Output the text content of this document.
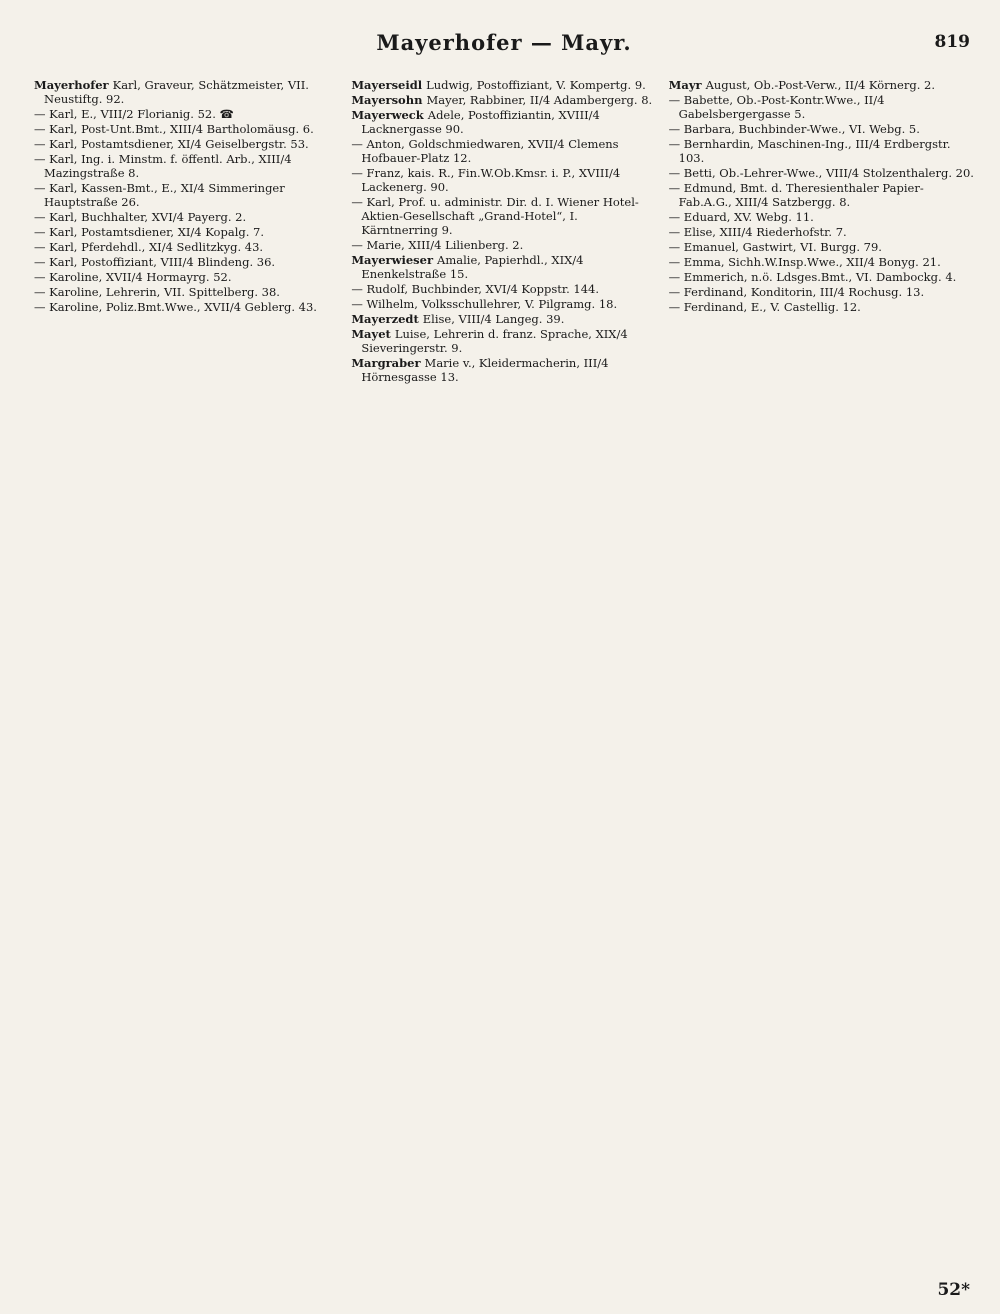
Mayerhofer — Mayr.	819
Mayerhofer Karl, Graveur, Schätzmeister, VII. Neustiftg. 92.
— Karl, E., VIII/2 Florianig. 52. ☎
— Karl, Post-Unt.Bmt., XIII/4 Bartholomäusg. 6.
— Karl, Postamtsdiener, XI/4 Geiselbergstr. 53.
— Karl, Ing. i. Minstm. f. öffentl. Arb., XIII/4 Mazingstraße 8.
— Karl, Kassen-Bmt., E., XI/4 Simmeringer Hauptstraße 26.
— Karl, Buchhalter, XVI/4 Payerg. 2.
— Karl, Postamtsdiener, XI/4 Kopalg. 7.
— Karl, Pferdehdl., XI/4 Sedlitzkyg. 43.
— Karl, Postoffiziant, VIII/4 Blindeng. 36.
— Karoline, XVII/4 Hormayrg. 52.
— Karoline, Lehrerin, VII. Spittelberg. 38.
— Karoline, Poliz.Bmt.Wwe., XVII/4 Geblerg. 43.
Mayerseidl Ludwig, Postoffiziant, V. Kompertg. 9.
Mayersohn Mayer, Rabbiner, II/4 Adambergerg. 8.
Mayerweck Adele, Postoffiziantin, XVIII/4 Lacknergasse 90.
— Anton, Goldschmiedwaren, XVII/4 Clemens Hofbauer-Platz 12.
— Franz, kais. R., Fin.W.Ob.Kmsr. i. P., XVIII/4 Lackenerg. 90.
— Karl, Prof. u. administr. Dir. d. I. Wiener Hotel-Aktien-Gesellschaft „Grand-Hotel“, I. Kärntnerring 9.
— Marie, XIII/4 Lilienberg. 2.
Mayerwieser Amalie, Papierhdl., XIX/4 Enenkelstraße 15.
— Rudolf, Buchbinder, XVI/4 Koppstr. 144.
— Wilhelm, Volksschullehrer, V. Pilgramg. 18.
Mayerzedt Elise, VIII/4 Langeg. 39.
Mayet Luise, Lehrerin d. franz. Sprache, XIX/4 Sieveringerstr. 9.
Margraber Marie v., Kleidermacherin, III/4 Hörnesgasse 13.
Mayr August, Ob.-Post-Verw., II/4 Körnerg. 2.
— Babette, Ob.-Post-Kontr.Wwe., II/4 Gabelsbergergasse 5.
— Barbara, Buchbinder-Wwe., VI. Webg. 5.
— Bernhardin, Maschinen-Ing., III/4 Erdbergstr. 103.
— Betti, Ob.-Lehrer-Wwe., VIII/4 Stolzenthalerg. 20.
— Edmund, Bmt. d. Theresienthaler Papier-Fab.A.G., XIII/4 Satzbergg. 8.
— Eduard, XV. Webg. 11.
— Elise, XIII/4 Riederhofstr. 7.
— Emanuel, Gastwirt, VI. Burgg. 79.
— Emma, Sichh.W.Insp.Wwe., XII/4 Bonyg. 21.
— Emmerich, n.ö. Ldsges.Bmt., VI. Dambockg. 4.
— Ferdinand, Konditorin, III/4 Rochusg. 13.
— Ferdinand, E., V. Castellig. 12.
52*
